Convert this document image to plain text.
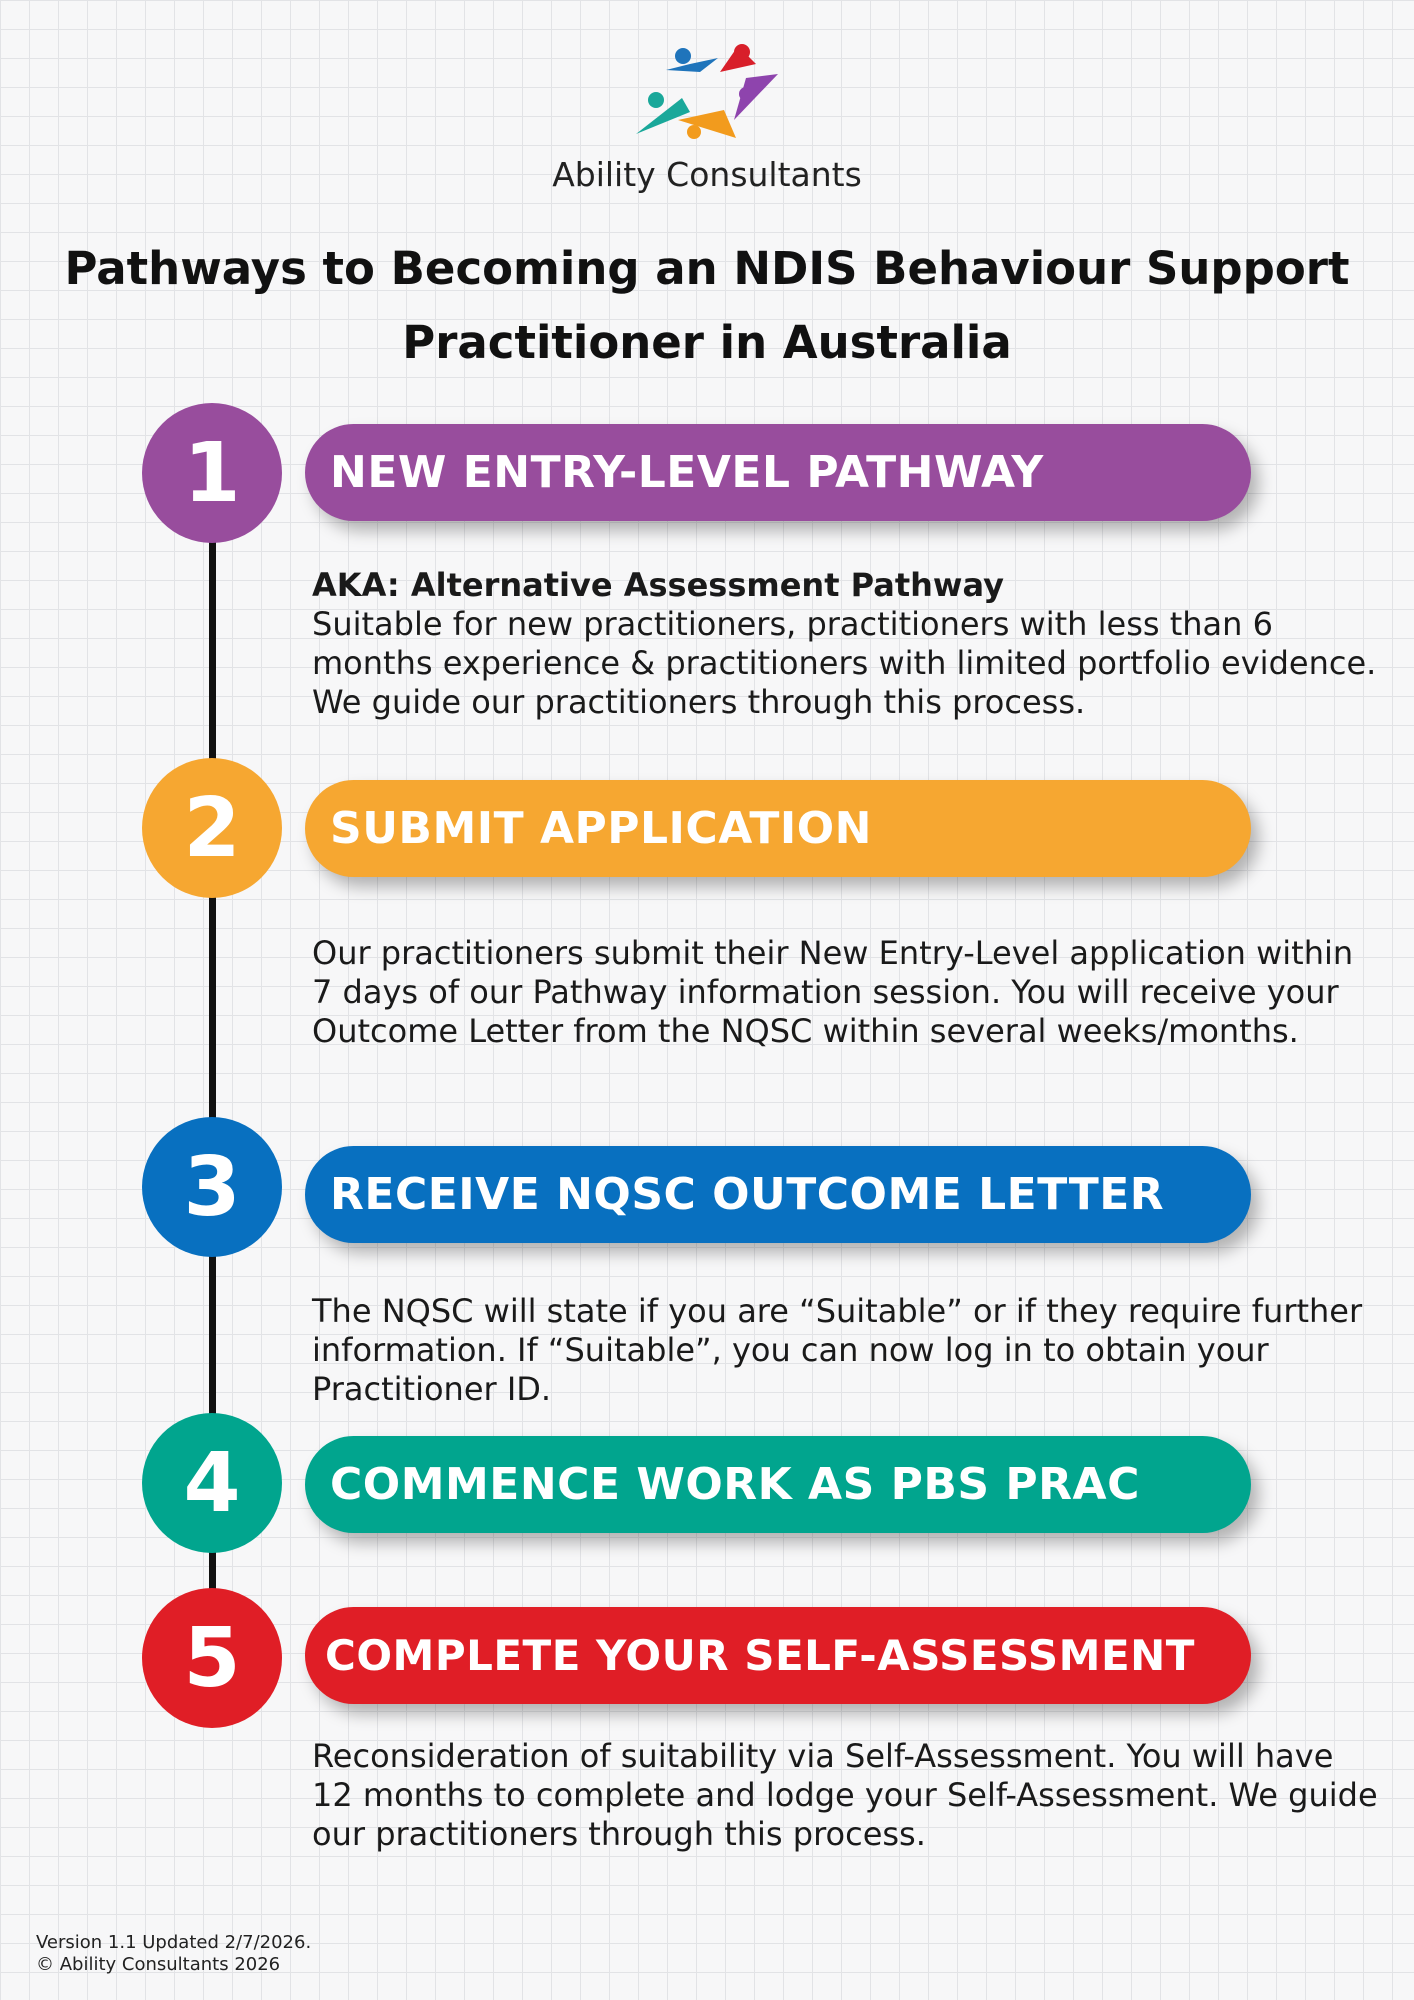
Ability Consultants
Pathways to Becoming an NDIS Behaviour Support Practitioner in Australia
1	NEW ENTRY-LEVEL PATHWAY
AKA: Alternative Assessment Pathway
Suitable for new practitioners, practitioners with less than 6 months experience & practitioners with limited portfolio evidence. We guide our practitioners through this process.
2	SUBMIT APPLICATION
Our practitioners submit their New Entry-Level application within 7 days of our Pathway information session. You will receive your Outcome Letter from the NQSC within several weeks/months.
3	RECEIVE NQSC OUTCOME LETTER
The NQSC will state if you are “Suitable” or if they require further information. If “Suitable”, you can now log in to obtain your Practitioner ID.
4	COMMENCE WORK AS PBS PRAC
5	COMPLETE YOUR SELF-ASSESSMENT
Reconsideration of suitability via Self-Assessment. You will have 12 months to complete and lodge your Self-Assessment. We guide our practitioners through this process.
Version 1.1 Updated 2/7/2026.
© Ability Consultants 2026
